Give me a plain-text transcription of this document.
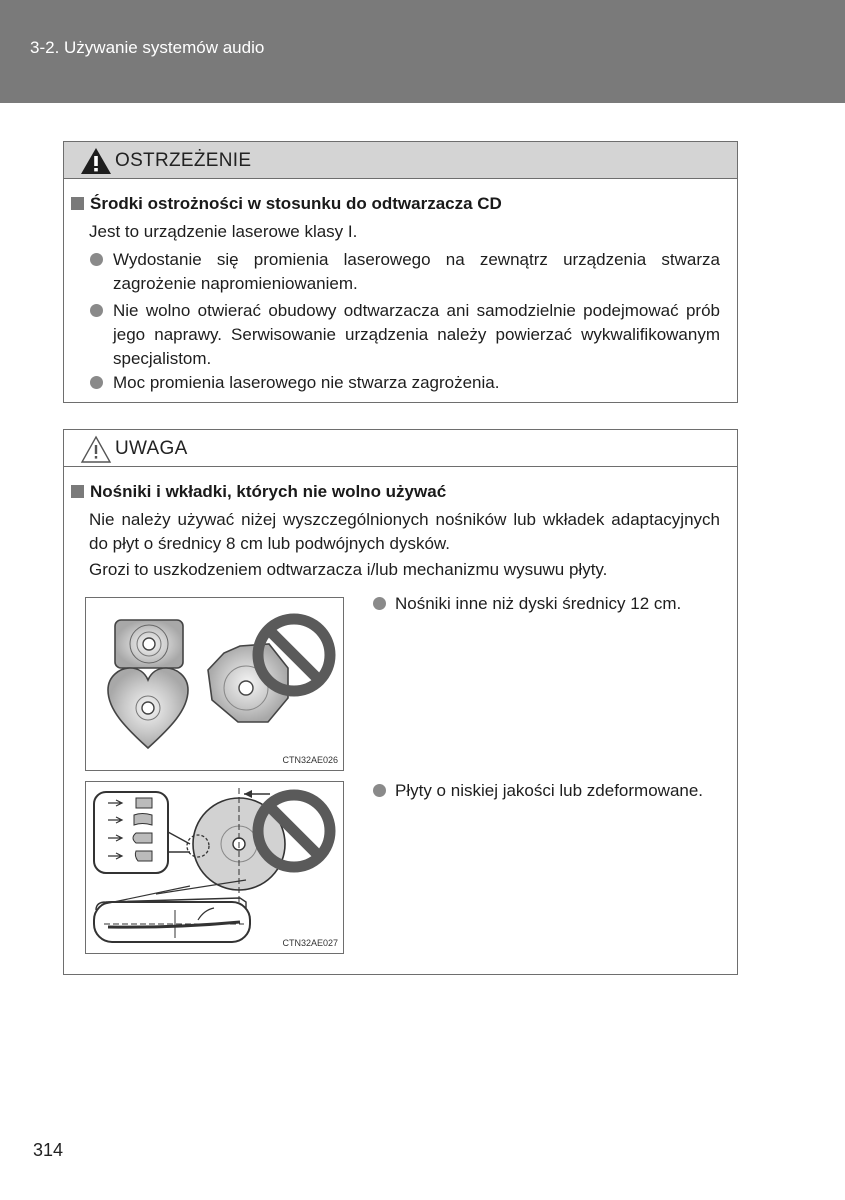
3-2. Używanie systemów audio
OSTRZEŻENIE
Środki ostrożności w stosunku do odtwarzacza CD
Jest to urządzenie laserowe klasy I.
Wydostanie się promienia laserowego na zewnątrz urządzenia stwarza zagrożenie napromieniowaniem.
Nie wolno otwierać obudowy odtwarzacza ani samodzielnie podejmować prób jego naprawy. Serwisowanie urządzenia należy powierzać wykwalifikowanym specjalistom.
Moc promienia laserowego nie stwarza zagrożenia.
UWAGA
Nośniki i wkładki, których nie wolno używać
Nie należy używać niżej wyszczególnionych nośników lub wkładek adaptacyjnych do płyt o średnicy 8 cm lub podwójnych dysków.
Grozi to uszkodzeniem odtwarzacza i/lub mechanizmu wysuwu płyty.
CTN32AE026
Nośniki inne niż dyski średnicy 12 cm.
CTN32AE027
Płyty o niskiej jakości lub zdeformowane.
314
